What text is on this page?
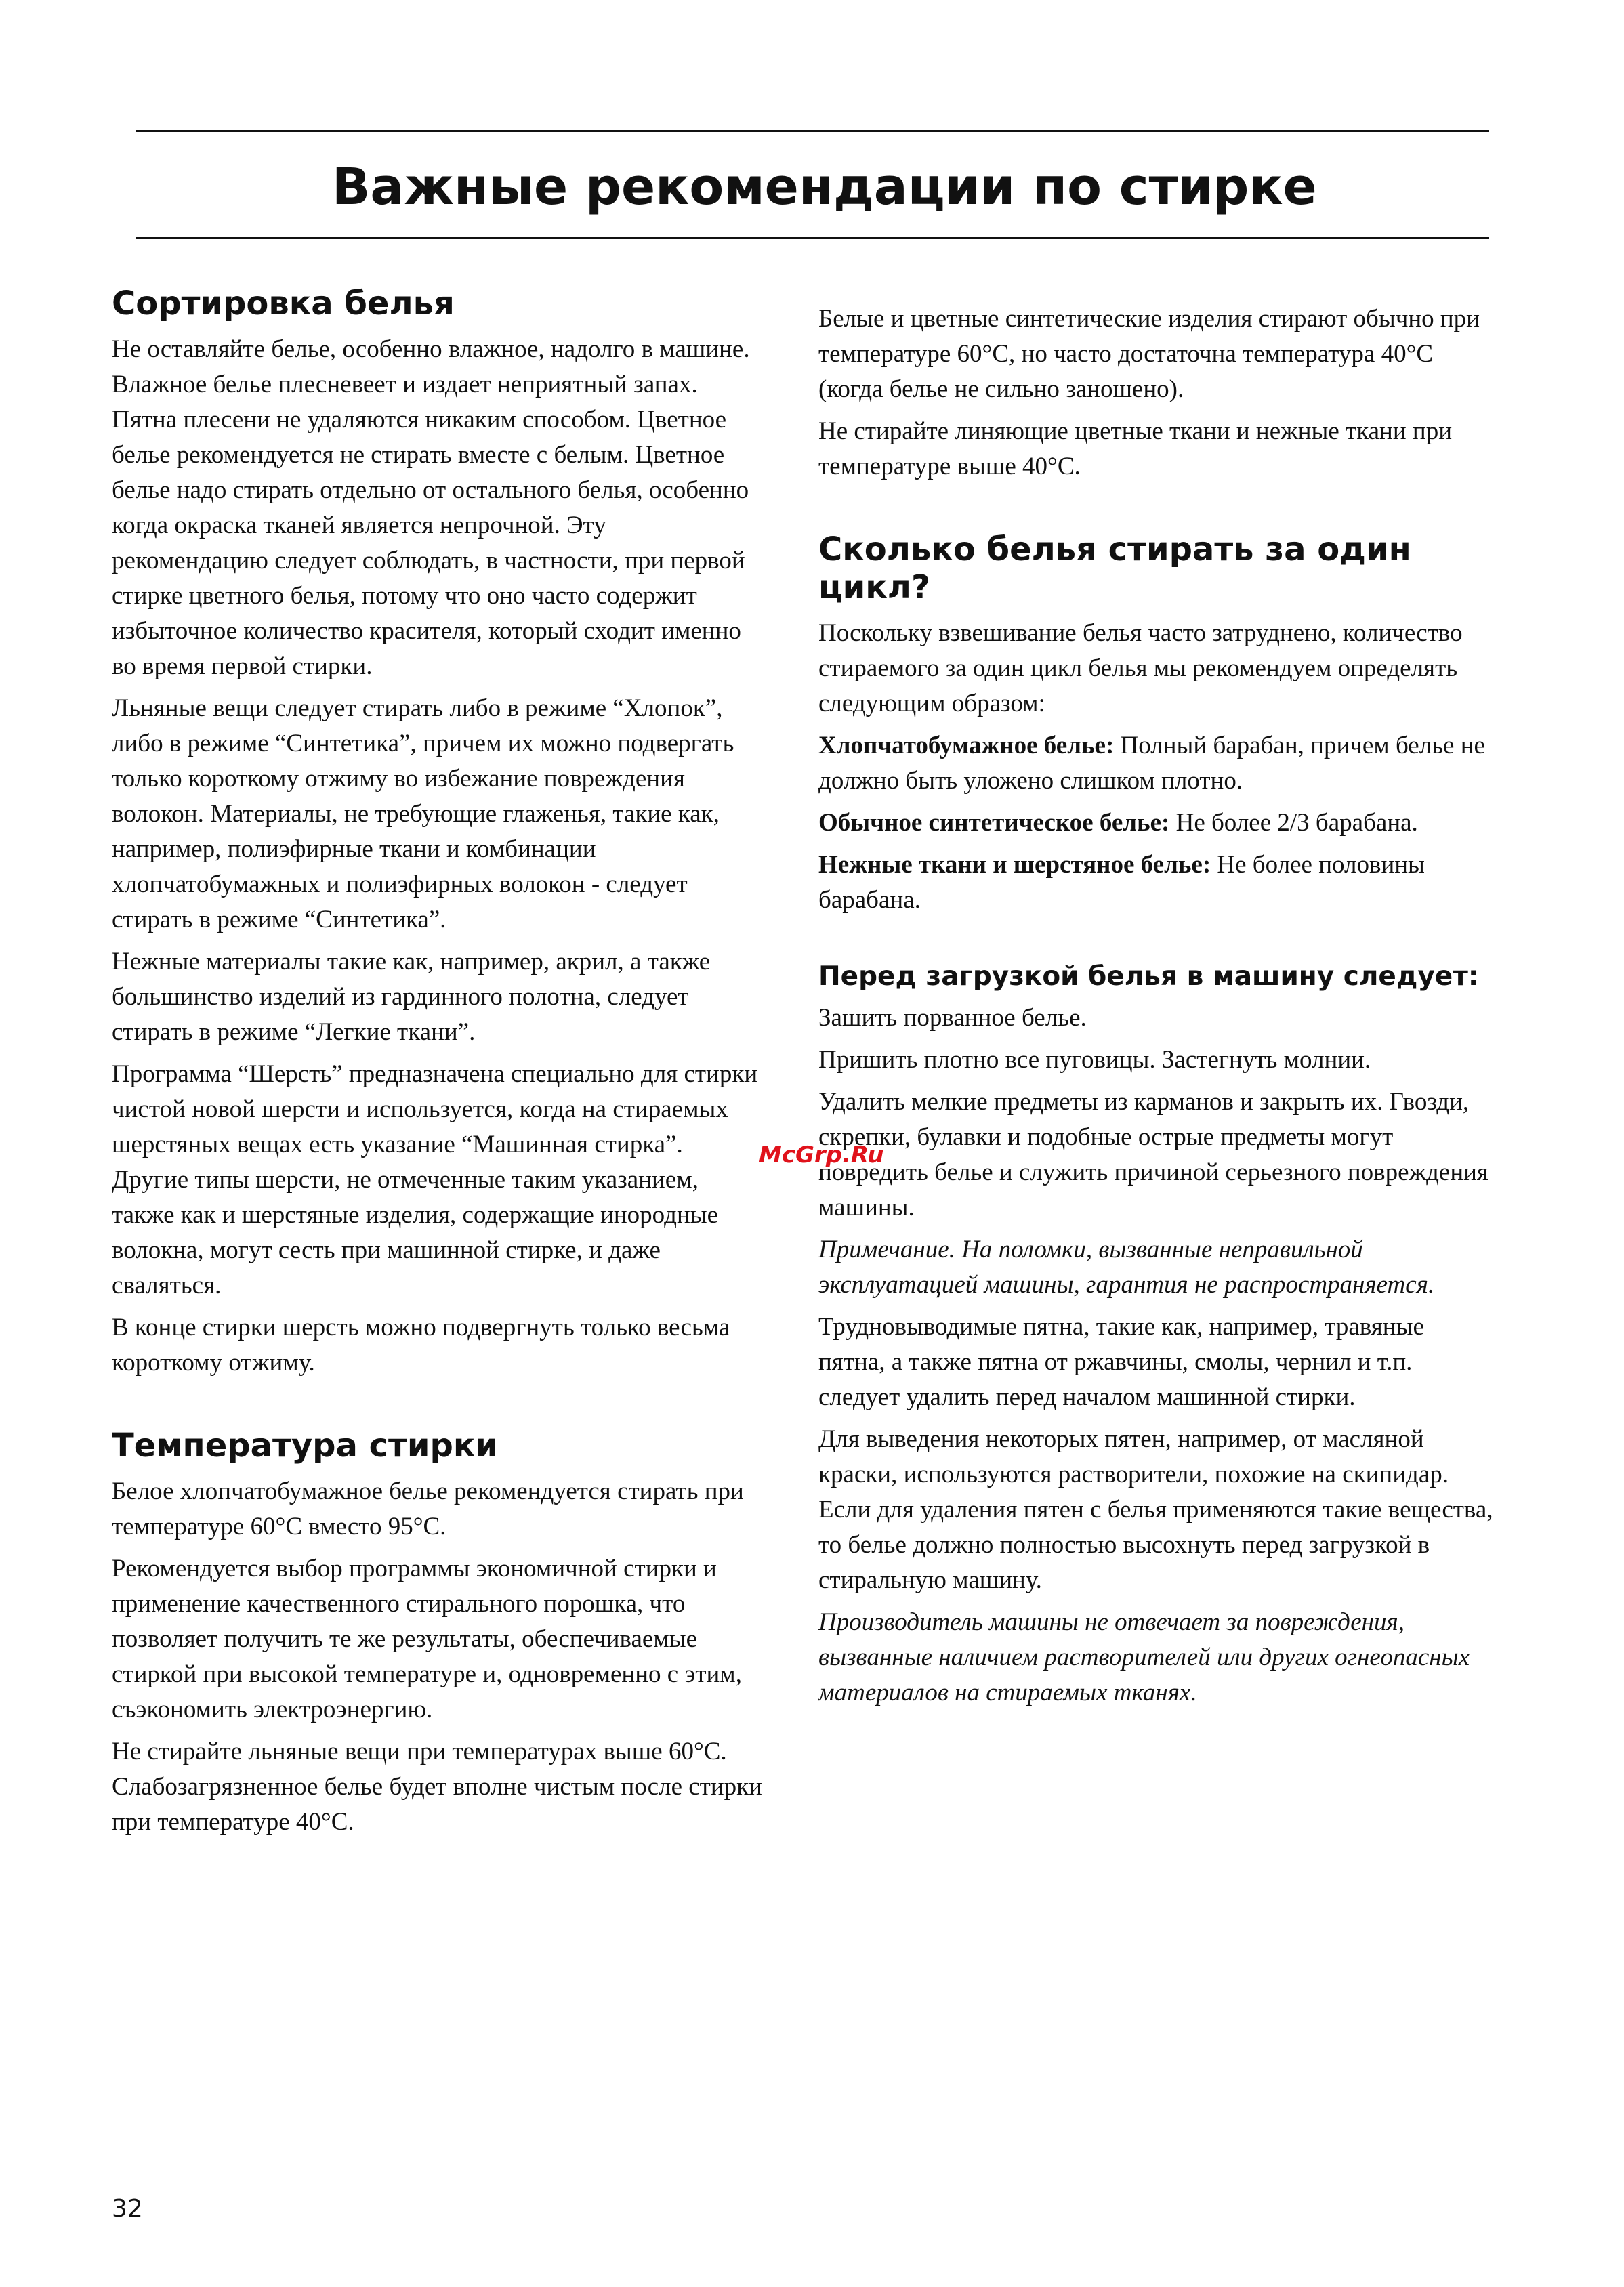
Важные рекомендации по стирке
Сортировка белья

Не оставляйте белье, особенно влажное, надолго в машине. Влажное белье плесневеет и издает неприятный запах. Пятна плесени не удаляются никаким способом. Цветное белье рекомендуется не стирать вместе с белым. Цветное белье надо стирать отдельно от остального белья, особенно когда окраска тканей является непрочной. Эту рекомендацию следует соблюдать, в частности, при первой стирке цветного белья, потому что оно часто содержит избыточное количество красителя, который сходит именно во время первой стирки.

Льняные вещи следует стирать либо в режиме “Хлопок”, либо в режиме “Синтетика”, причем их можно подвергать только короткому отжиму во избежание повреждения волокон. Материалы, не требующие глаженья, такие как, например, полиэфирные ткани и комбинации хлопчатобумажных и полиэфирных волокон - следует стирать в режиме “Синтетика”.

Нежные материалы такие как, например, акрил, а также большинство изделий из гардинного полотна, следует стирать в режиме “Легкие ткани”.

Программа “Шерсть” предназначена специально для стирки чистой новой шерсти и используется, когда на стираемых шерстяных вещах есть указание “Машинная стирка”. Другие типы шерсти, не отмеченные таким указанием, также как и шерстяные изделия, содержащие инородные волокна, могут сесть при машинной стирке, и даже сваляться.

В конце стирки шерсть можно подвергнуть только весьма короткому отжиму.

Температура стирки

Белое хлопчатобумажное белье рекомендуется стирать при температуре 60°С вместо 95°С.

Рекомендуется выбор программы экономичной стирки и применение качественного стирального порошка, что позволяет получить те же результаты, обеспечиваемые стиркой при высокой температуре и, одновременно с этим, съэкономить электроэнергию.

Не стирайте льняные вещи при температурах выше 60°С. Слабозагрязненное белье будет вполне чистым после стирки при температуре 40°С.

Белые и цветные синтетические изделия стирают обычно при температуре 60°С, но часто достаточна температура 40°С (когда белье не сильно заношено).

Не стирайте линяющие цветные ткани и нежные ткани при температуре выше 40°С.

Сколько белья стирать за один цикл?

Поскольку взвешивание белья часто затруднено, количество стираемого за один цикл белья мы рекомендуем определять следующим образом:

Хлопчатобумажное белье: Полный барабан, причем белье не должно быть уложено слишком плотно.

Обычное синтетическое белье: Не более 2/3 барабана.

Нежные ткани и шерстяное белье: Не более половины барабана.

Перед загрузкой белья в машину следует:

Зашить порванное белье.

Пришить плотно все пуговицы. Застегнуть молнии.

Удалить мелкие предметы из карманов и закрыть их. Гвозди, скрепки, булавки и подобные острые предметы могут повредить белье и служить причиной серьезного повреждения машины.

Примечание. На поломки, вызванные неправильной эксплуатацией машины, гарантия не распространяется.

Трудновыводимые пятна, такие как, например, травяные пятна, а также пятна от ржавчины, смолы, чернил и т.п. следует удалить перед началом машинной стирки.

Для выведения некоторых пятен, например, от масляной краски, используются растворители, похожие на скипидар. Если для удаления пятен с белья применяются такие вещества, то белье должно полностью высохнуть перед загрузкой в стиральную машину.

Производитель машины не отвечает за повреждения, вызванные наличием растворителей или других огнеопасных материалов на стираемых тканях.

McGrp.Ru
32
